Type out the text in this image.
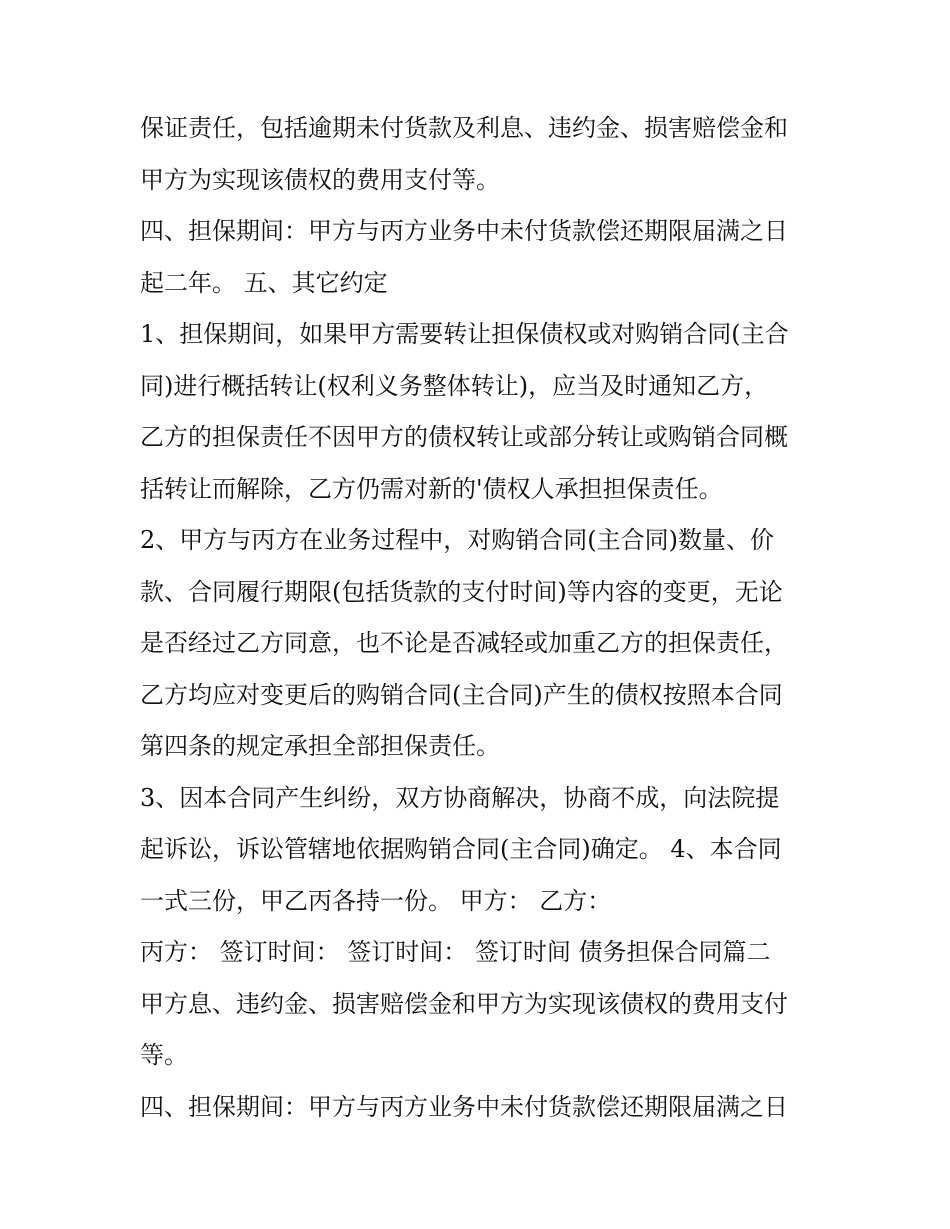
保证责任，包括逾期未付货款及利息、违约金、损害赔偿金和
甲方为实现该债权的费用支付等。
四、担保期间：甲方与丙方业务中未付货款偿还期限届满之日
起二年。 五、其它约定
1、担保期间，如果甲方需要转让担保债权或对购销合同(主合
同)进行概括转让(权利义务整体转让)，应当及时通知乙方，
乙方的担保责任不因甲方的债权转让或部分转让或购销合同概
括转让而解除，乙方仍需对新的'债权人承担担保责任。
2、甲方与丙方在业务过程中，对购销合同(主合同)数量、价
款、合同履行期限(包括货款的支付时间)等内容的变更，无论
是否经过乙方同意，也不论是否减轻或加重乙方的担保责任，
乙方均应对变更后的购销合同(主合同)产生的债权按照本合同
第四条的规定承担全部担保责任。
3、因本合同产生纠纷，双方协商解决，协商不成，向法院提
起诉讼，诉讼管辖地依据购销合同(主合同)确定。 4、本合同
一式三份，甲乙丙各持一份。 甲方： 乙方：
丙方： 签订时间： 签订时间： 签订时间 债务担保合同篇二
甲方息、违约金、损害赔偿金和甲方为实现该债权的费用支付
等。
四、担保期间：甲方与丙方业务中未付货款偿还期限届满之日
